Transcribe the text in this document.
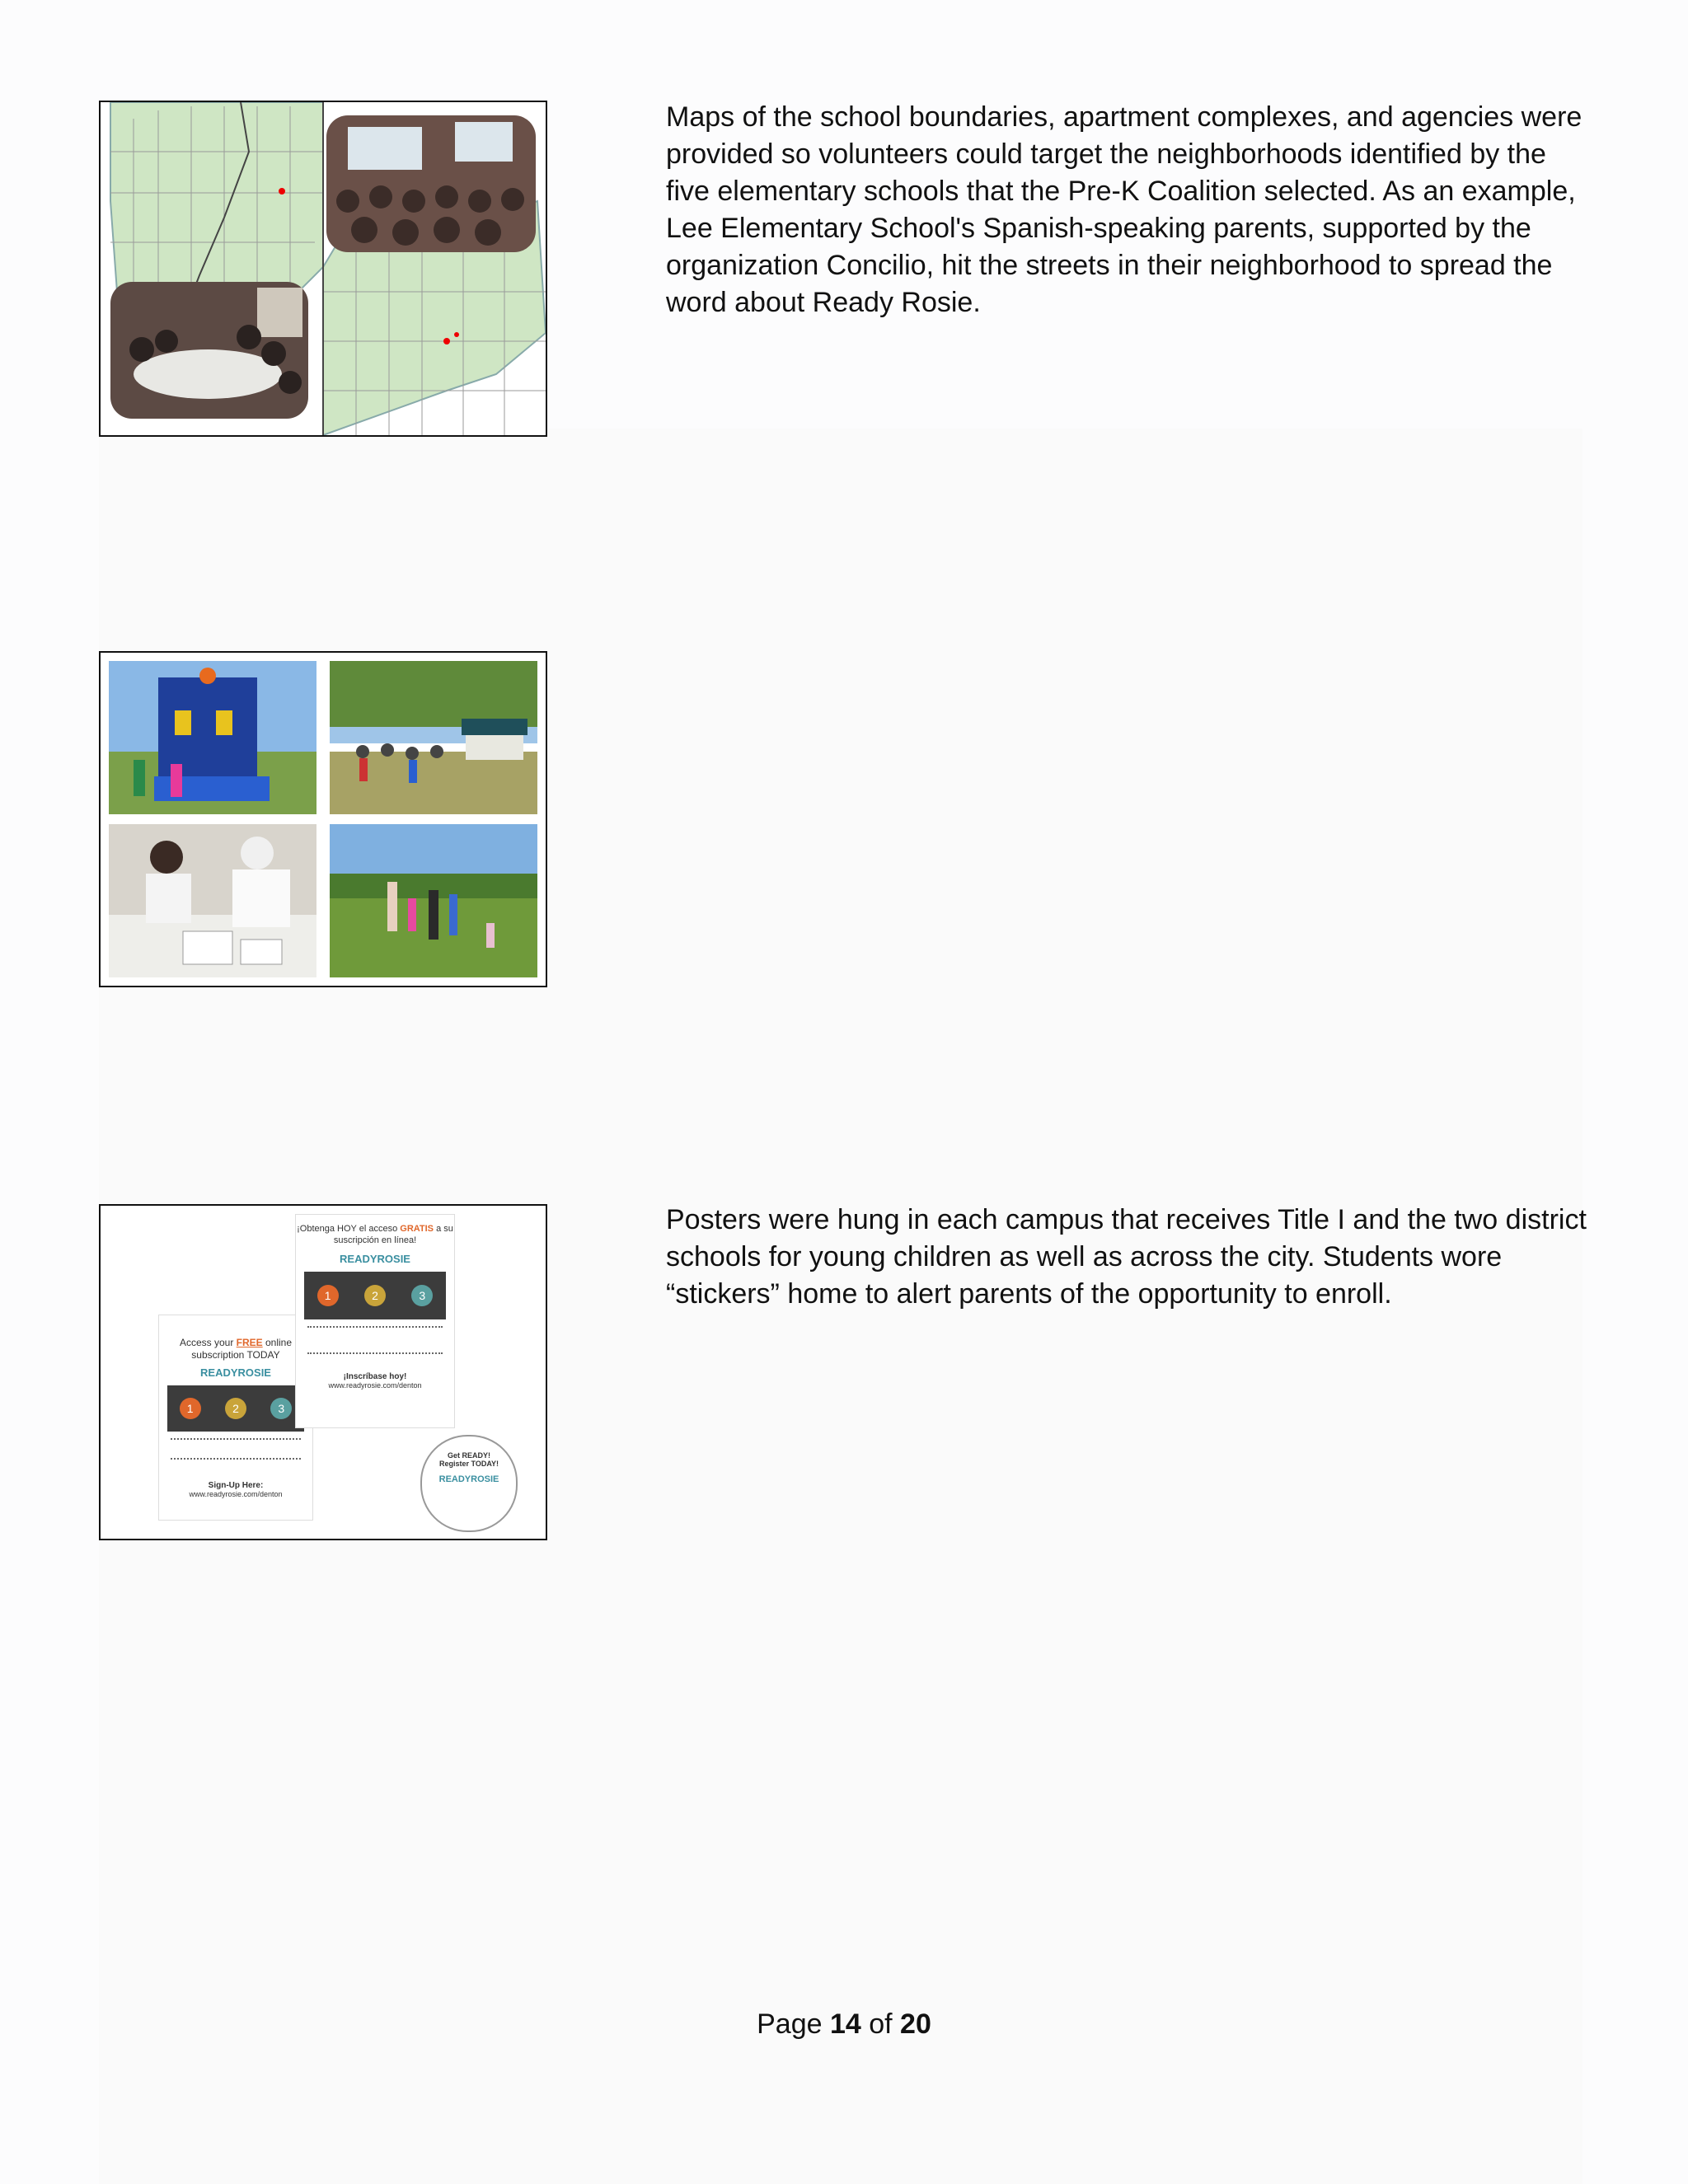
Maps of the school boundaries, apartment complexes, and agencies were provided so volunteers could target the neighborhoods identified by the five elementary schools that the Pre-K Coalition selected. As an example, Lee Elementary School's Spanish-speaking parents, supported by the organization Concilio, hit the streets in their neighborhood to spread the word about Ready Rosie.

Access your FREE online subscription TODAY
READYROSIE
1	2	3
Sign-Up Here:
www.readyrosie.com/denton
¡Obtenga HOY el acceso GRATIS a su suscripción en línea!
READYROSIE
1	2	3
¡Inscríbase hoy!
www.readyrosie.com/denton
Get READY!
Register TODAY!
READYROSIE

Posters were hung in each campus that receives Title I and the two district schools for young children as well as across the city. Students wore “stickers” home to alert parents of the opportunity to enroll.

Page 14 of 20
